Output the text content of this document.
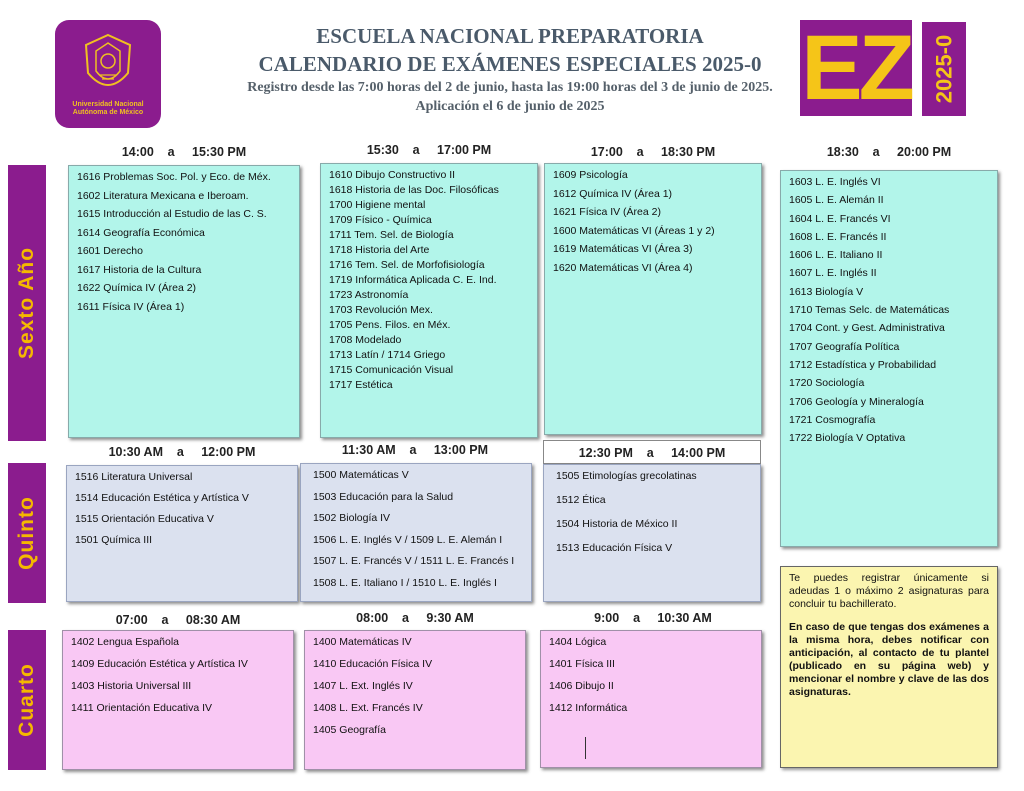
Universidad Nacional
Autónoma de México
ESCUELA NACIONAL PREPARATORIA
CALENDARIO DE EXÁMENES ESPECIALES 2025-0
Registro desde las 7:00 horas del 2 de junio, hasta las 19:00 horas del 3 de junio de 2025.
Aplicación el 6 de junio de 2025	EZ 2025-0
Sexto Año
Quinto
Cuarto
14:00    a     15:30 PM	15:30    a     17:00 PM	17:00    a     18:30 PM	18:30    a     20:00 PM
1616 Problemas Soc. Pol. y Eco. de Méx.
1602 Literatura Mexicana e Iberoam.
1615 Introducción al Estudio de las C. S.
1614 Geografía Económica
1601 Derecho
1617 Historia de la Cultura
1622 Química IV (Área 2)
1611 Física IV (Área 1)
1610 Dibujo Constructivo II
1618 Historia de las Doc. Filosóficas
1700 Higiene mental
1709 Físico - Química
1711 Tem. Sel. de Biología
1718 Historia del Arte
1716 Tem. Sel. de Morfofisiología
1719 Informática Aplicada C. E. Ind.
1723 Astronomía
1703 Revolución Mex.
1705 Pens. Filos. en Méx.
1708 Modelado
1713 Latín / 1714 Griego
1715 Comunicación Visual
1717 Estética
1609 Psicología
1612 Química IV (Área 1)
1621 Física IV (Área 2)
1600 Matemáticas VI (Áreas 1 y 2)
1619 Matemáticas VI (Área 3)
1620 Matemáticas VI (Área 4)
1603 L. E. Inglés VI
1605 L. E. Alemán II
1604 L. E. Francés VI
1608 L. E. Francés II
1606 L. E. Italiano II
1607 L. E. Inglés II
1613 Biología V
1710 Temas Selc. de Matemáticas
1704 Cont. y Gest. Administrativa
1707 Geografía Política
1712 Estadística y Probabilidad
1720 Sociología
1706 Geología y Mineralogía
1721 Cosmografía
1722 Biología V Optativa
10:30 AM    a     12:00 PM	11:30 AM    a     13:00 PM	12:30 PM    a     14:00 PM
1516 Literatura Universal
1514 Educación Estética y Artística V
1515 Orientación Educativa V
1501 Química III
1500 Matemáticas V
1503 Educación para la Salud
1502 Biología IV
1506 L. E. Inglés V / 1509 L. E. Alemán I
1507 L. E. Francés V / 1511 L. E. Francés I
1508 L. E. Italiano I / 1510 L. E. Inglés I
1505 Etimologías grecolatinas
1512 Ética
1504 Historia de México II
1513 Educación Física V
07:00    a     08:30 AM	08:00    a     9:30 AM	9:00    a     10:30 AM
1402 Lengua Española
1409 Educación Estética y Artística IV
1403 Historia Universal III
1411 Orientación Educativa IV
1400 Matemáticas IV
1410 Educación Física IV
1407 L. Ext. Inglés IV
1408 L. Ext. Francés IV
1405 Geografía
1404 Lógica
1401 Física III
1406 Dibujo II
1412 Informática

Te puedes registrar únicamente si adeudas 1 o máximo 2 asignaturas para concluir tu bachillerato.

En caso de que tengas dos exámenes a la misma hora, debes notificar con anticipación, al contacto de tu plantel (publicado en su página web) y mencionar el nombre y clave de las dos asignaturas.
